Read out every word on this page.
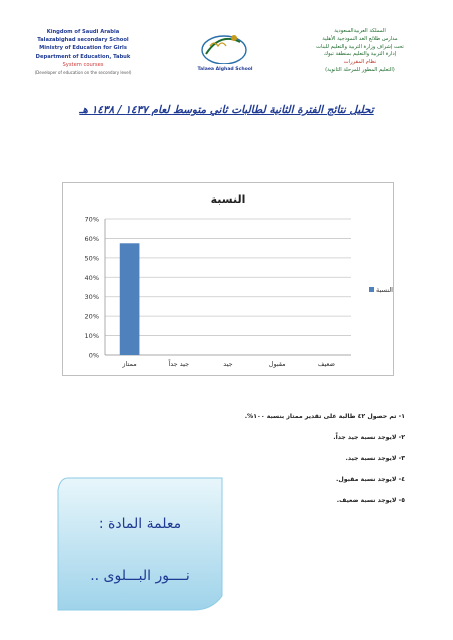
Kingdom of Saudi Arabia
Talazabighad secondary School
Ministry of Education for Girls
Department of Education, Tabuk
System courses
(Developer of education on the secondary level)
Talaea Alghad School
المملكة العربيةالسعودية
مدارس طلائع الغد النموذجية الأهلية
تحت إشراف وزارة التربية والتعليم للبنات
إدارة التربية والتعليم بمنطقة تبوك
نظام المقررات
(التعليم المطور للمرحلة الثانوية)
تحليل نتائج الفترة الثانية لطالبات ثاني متوسط لعام ١٤٣٧ / ١٤٣٨ هـ
النسبة
0%
10%
20%
30%
40%
50%
60%
70%
ممتاز	جيد جداً	جيد	مقبول	ضعيف
النسبة
١- تم حصول ٤٢ طالبة على تقدير ممتاز بنسبة ١٠٠%.
٢- لايوجد نسبة جيد جداً.
٣- لايوجد نسبة جيد.
٤- لايوجد نسبة مقبول.
٥- لايوجد نسبة ضعيف.
معلمة المادة :
نــــور البـــلوى ..
